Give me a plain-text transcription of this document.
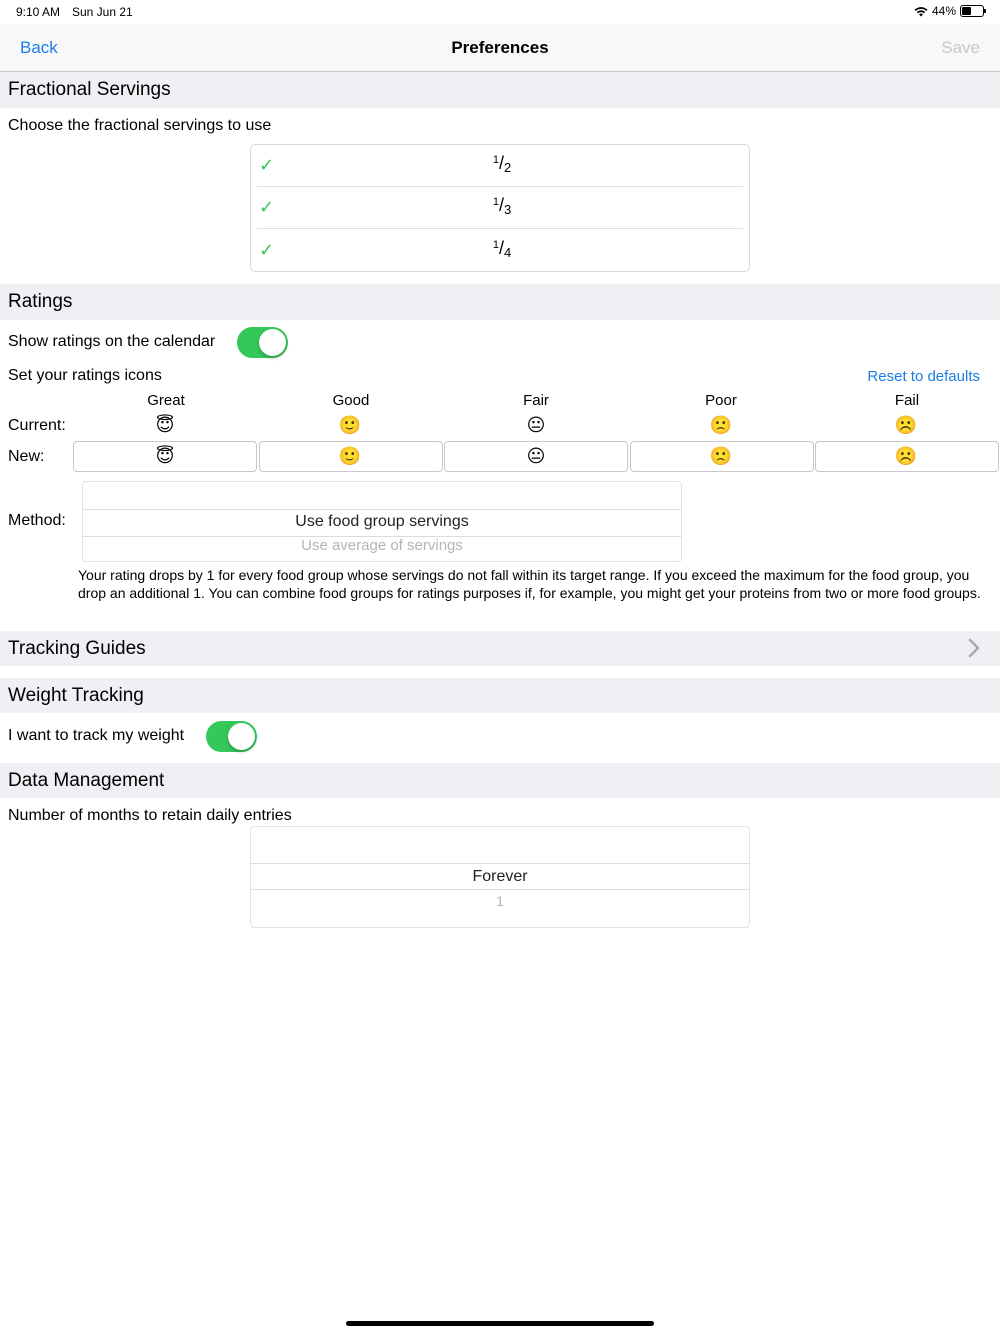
9:10 AM Sun Jun 21	44%
Back	Preferences	Save
Fractional Servings
Choose the fractional servings to use
✓	$^1/_2$
✓	$^1/_3$
✓	$^1/_4$
Ratings
Show ratings on the calendar
Set your ratings icons	Reset to defaults
Great	Good	Fair	Poor	Fail
Current:	😇	🙂	😐	🙁	☹️
New:	😇	🙂	😐	🙁	☹️
Method:	Use food group servings
Use average of servings
Your rating drops by 1 for every food group whose servings do not fall within its target range. If you exceed the maximum for the food group, you drop an additional 1. You can combine food groups for ratings purposes if, for example, you might get your proteins from two or more food groups.
Tracking Guides
Weight Tracking
I want to track my weight
Data Management
Number of months to retain daily entries
Forever
1
